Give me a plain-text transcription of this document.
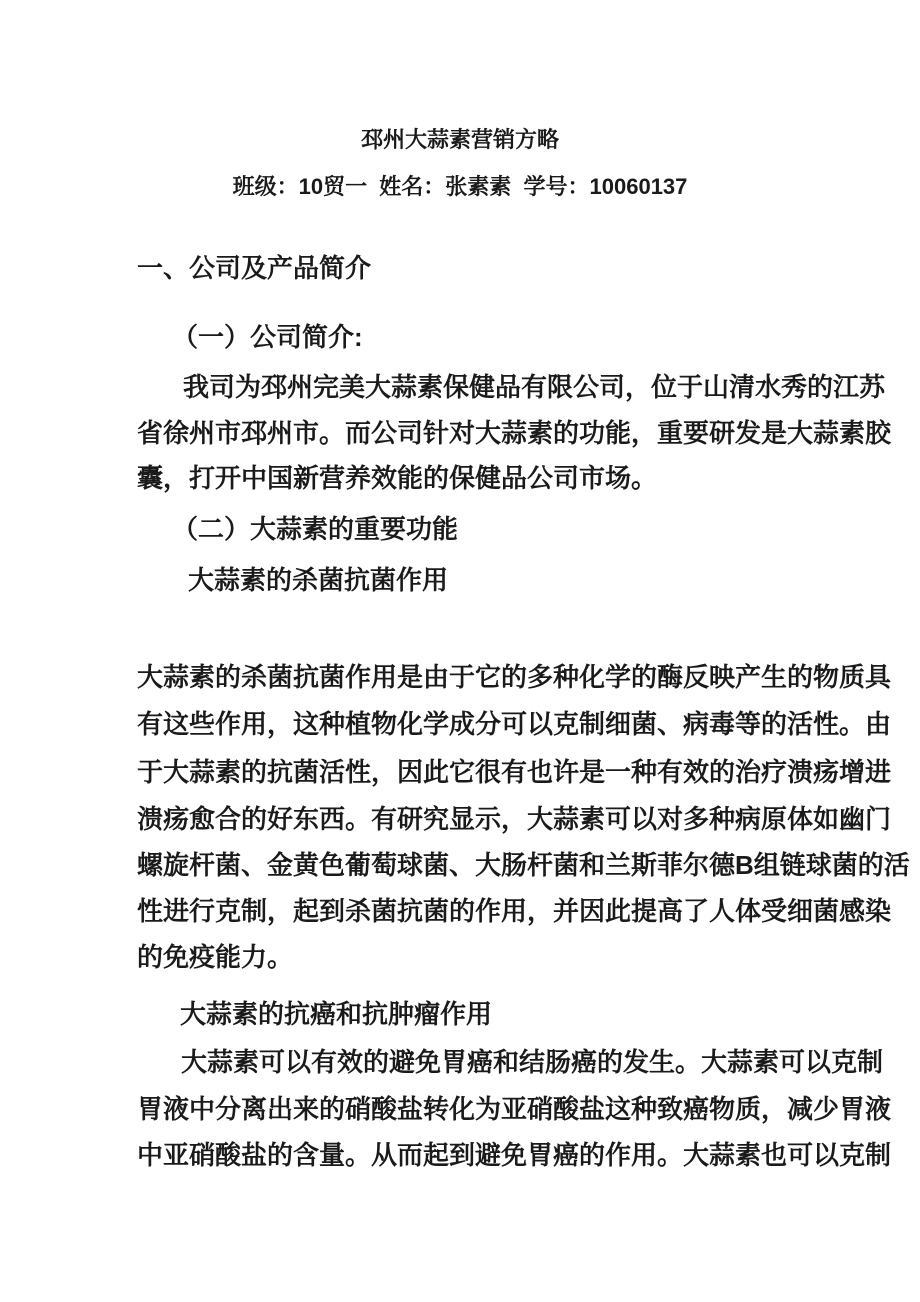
邳州大蒜素营销方略
班级：10贸一  姓名：张素素  学号：10060137
一、公司及产品简介
（一）公司简介:
我司为邳州完美大蒜素保健品有限公司，位于山清水秀的江苏
省徐州市邳州市。而公司针对大蒜素的功能，重要研发是大蒜素胶
囊，打开中国新营养效能的保健品公司市场。
（二）大蒜素的重要功能
大蒜素的杀菌抗菌作用
大蒜素的杀菌抗菌作用是由于它的多种化学的酶反映产生的物质具
有这些作用，这种植物化学成分可以克制细菌、病毒等的活性。由
于大蒜素的抗菌活性，因此它很有也许是一种有效的治疗溃疡增进
溃疡愈合的好东西。有研究显示，大蒜素可以对多种病原体如幽门
螺旋杆菌、金黄色葡萄球菌、大肠杆菌和兰斯菲尔德B组链球菌的活
性进行克制，起到杀菌抗菌的作用，并因此提高了人体受细菌感染
的免疫能力。
大蒜素的抗癌和抗肿瘤作用
大蒜素可以有效的避免胃癌和结肠癌的发生。大蒜素可以克制
胃液中分离出来的硝酸盐转化为亚硝酸盐这种致癌物质，减少胃液
中亚硝酸盐的含量。从而起到避免胃癌的作用。大蒜素也可以克制
